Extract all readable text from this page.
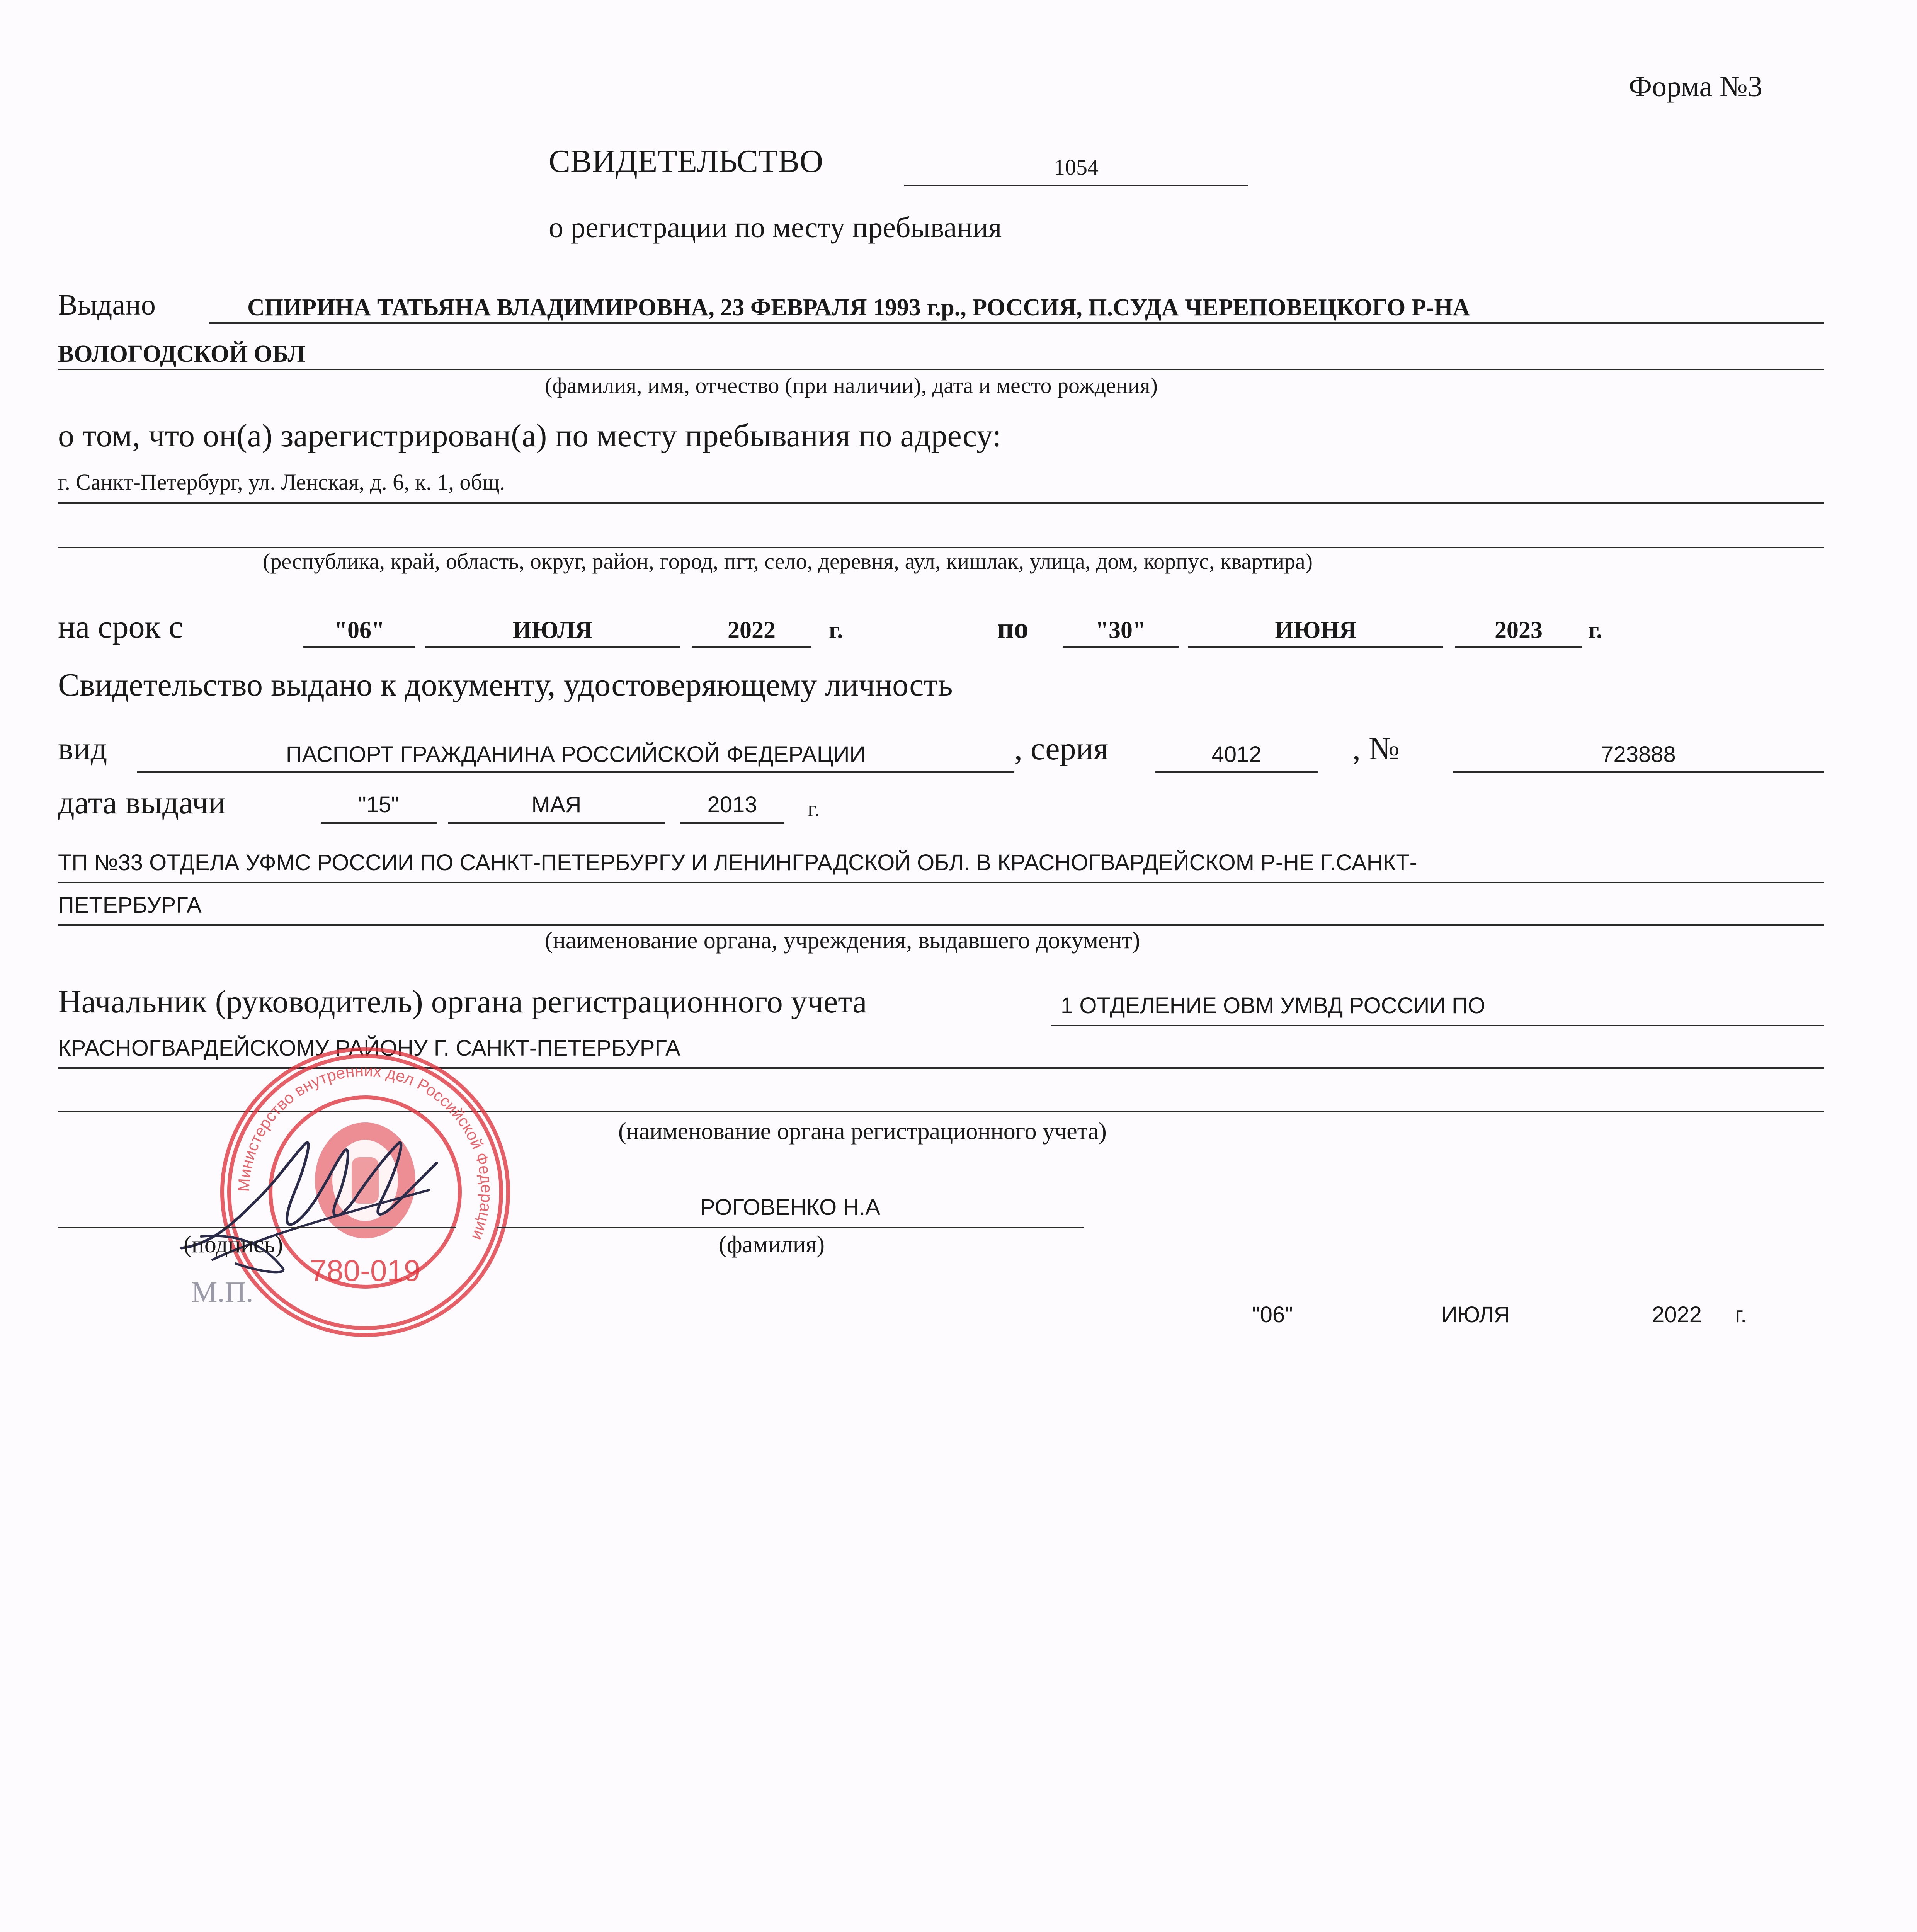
Форма №3
СВИДЕТЕЛЬСТВО	1054
о регистрации по месту пребывания
Выдано	СПИРИНА ТАТЬЯНА ВЛАДИМИРОВНА, 23 ФЕВРАЛЯ 1993 г.р., РОССИЯ, П.СУДА ЧЕРЕПОВЕЦКОГО Р-НА
ВОЛОГОДСКОЙ ОБЛ
(фамилия, имя, отчество (при наличии), дата и место рождения)
о том, что он(а) зарегистрирован(а) по месту пребывания по адресу:
г. Санкт-Петербург, ул. Ленская, д. 6, к. 1, общ.
(республика, край, область, округ, район, город, пгт, село, деревня, аул, кишлак, улица, дом, корпус, квартира)
на срок с	"06"	ИЮЛЯ	2022	г.	по	"30"	ИЮНЯ	2023	г.
Свидетельство выдано к документу, удостоверяющему личность
вид	ПАСПОРТ ГРАЖДАНИНА РОССИЙСКОЙ ФЕДЕРАЦИИ	, серия	4012	, №	723888
дата выдачи	"15"	МАЯ	2013	г.
ТП №33 ОТДЕЛА УФМС РОССИИ ПО САНКТ-ПЕТЕРБУРГУ И ЛЕНИНГРАДСКОЙ ОБЛ. В КРАСНОГВАРДЕЙСКОМ Р-НЕ Г.САНКТ-
ПЕТЕРБУРГА
(наименование органа, учреждения, выдавшего документ)
Начальник (руководитель) органа регистрационного учета	1 ОТДЕЛЕНИЕ ОВМ УМВД РОССИИ ПО
КРАСНОГВАРДЕЙСКОМУ РАЙОНУ Г. САНКТ-ПЕТЕРБУРГА
(наименование органа регистрационного учета)
Министерство внутренних дел Российской Федерации
780-019
(подпись)
РОГОВЕНКО Н.А
(фамилия)
М.П.
"06"	ИЮЛЯ	2022 г.
